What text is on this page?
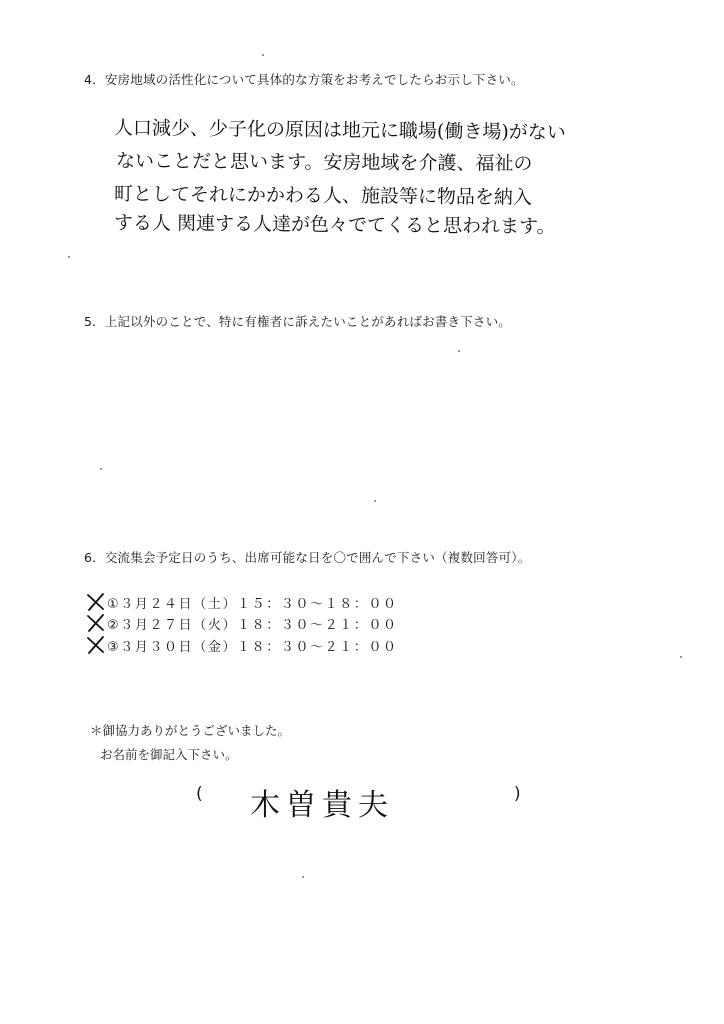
4．安房地域の活性化について具体的な方策をお考えでしたらお示し下さい。
人口減少、少子化の原因は地元に職場(働き場)がない
ないことだと思います。安房地域を介護、福祉の
町としてそれにかかわる人、施設等に物品を納入
する人 関連する人達が色々でてくると思われます。
5．上記以外のことで、特に有権者に訴えたいことがあればお書き下さい。
6．交流集会予定日のうち、出席可能な日を〇で囲んで下さい（複数回答可）。
①３月２４日（土）１５：３０～１８：００
②３月２７日（火）１８：３０～２１：００
③３月３０日（金）１８：３０～２１：００
＊御協力ありがとうございました。
お名前を御記入下さい。
( 木曽貴夫	)
